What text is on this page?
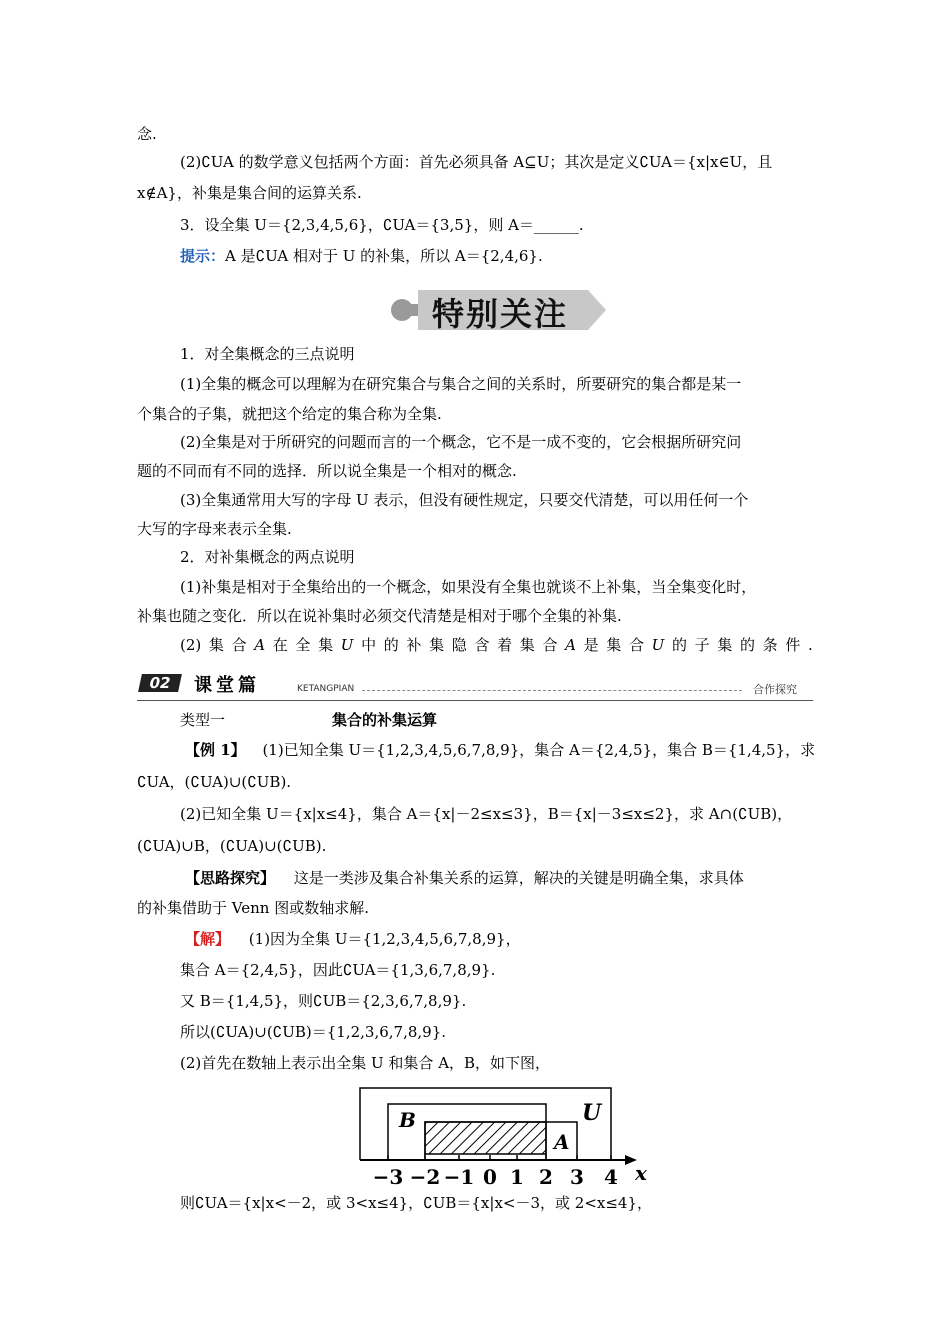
念.
(2)∁UA 的数学意义包括两个方面：首先必须具备 A⊆U；其次是定义∁UA＝{x|x∈U，且
x∉A}，补集是集合间的运算关系.
3．设全集 U＝{2,3,4,5,6}，∁UA＝{3,5}，则 A＝______.
提示：A 是∁UA 相对于 U 的补集，所以 A＝{2,4,6}.
特别关注
1．对全集概念的三点说明
(1)全集的概念可以理解为在研究集合与集合之间的关系时，所要研究的集合都是某一
个集合的子集，就把这个给定的集合称为全集.
(2)全集是对于所研究的问题而言的一个概念，它不是一成不变的，它会根据所研究问
题的不同而有不同的选择．所以说全集是一个相对的概念.
(3)全集通常用大写的字母 U 表示，但没有硬性规定，只要交代清楚，可以用任何一个
大写的字母来表示全集.
2．对补集概念的两点说明
(1)补集是相对于全集给出的一个概念，如果没有全集也就谈不上补集，当全集变化时，
补集也随之变化．所以在说补集时必须交代清楚是相对于哪个全集的补集.
(2) 集 合 A 在 全 集 U 中 的 补 集 隐 含 着 集 合 A 是 集 合 U 的 子 集 的 条 件 .
02	课堂篇	KETANGPIAN	合作探究
类型一	集合的补集运算
【例 1】 (1)已知全集 U＝{1,2,3,4,5,6,7,8,9}，集合 A＝{2,4,5}，集合 B＝{1,4,5}，求
∁UA，(∁UA)∪(∁UB).
(2)已知全集 U＝{x|x≤4}，集合 A＝{x|－2≤x≤3}，B＝{x|－3≤x≤2}，求 A∩(∁UB)，
(∁UA)∪B，(∁UA)∪(∁UB).
【思路探究】 这是一类涉及集合补集关系的运算，解决的关键是明确全集，求具体
的补集借助于 Venn 图或数轴求解.
【解】 (1)因为全集 U＝{1,2,3,4,5,6,7,8,9}，
集合 A＝{2,4,5}，因此∁UA＝{1,3,6,7,8,9}.
又 B＝{1,4,5}，则∁UB＝{2,3,6,7,8,9}.
所以(∁UA)∪(∁UB)＝{1,2,3,6,7,8,9}.
(2)首先在数轴上表示出全集 U 和集合 A，B，如下图，
−3 −2 −1 0 1 2 3 4 x
B
A
U
则∁UA＝{x|x<－2，或 3<x≤4}，∁UB＝{x|x<－3，或 2<x≤4}，
